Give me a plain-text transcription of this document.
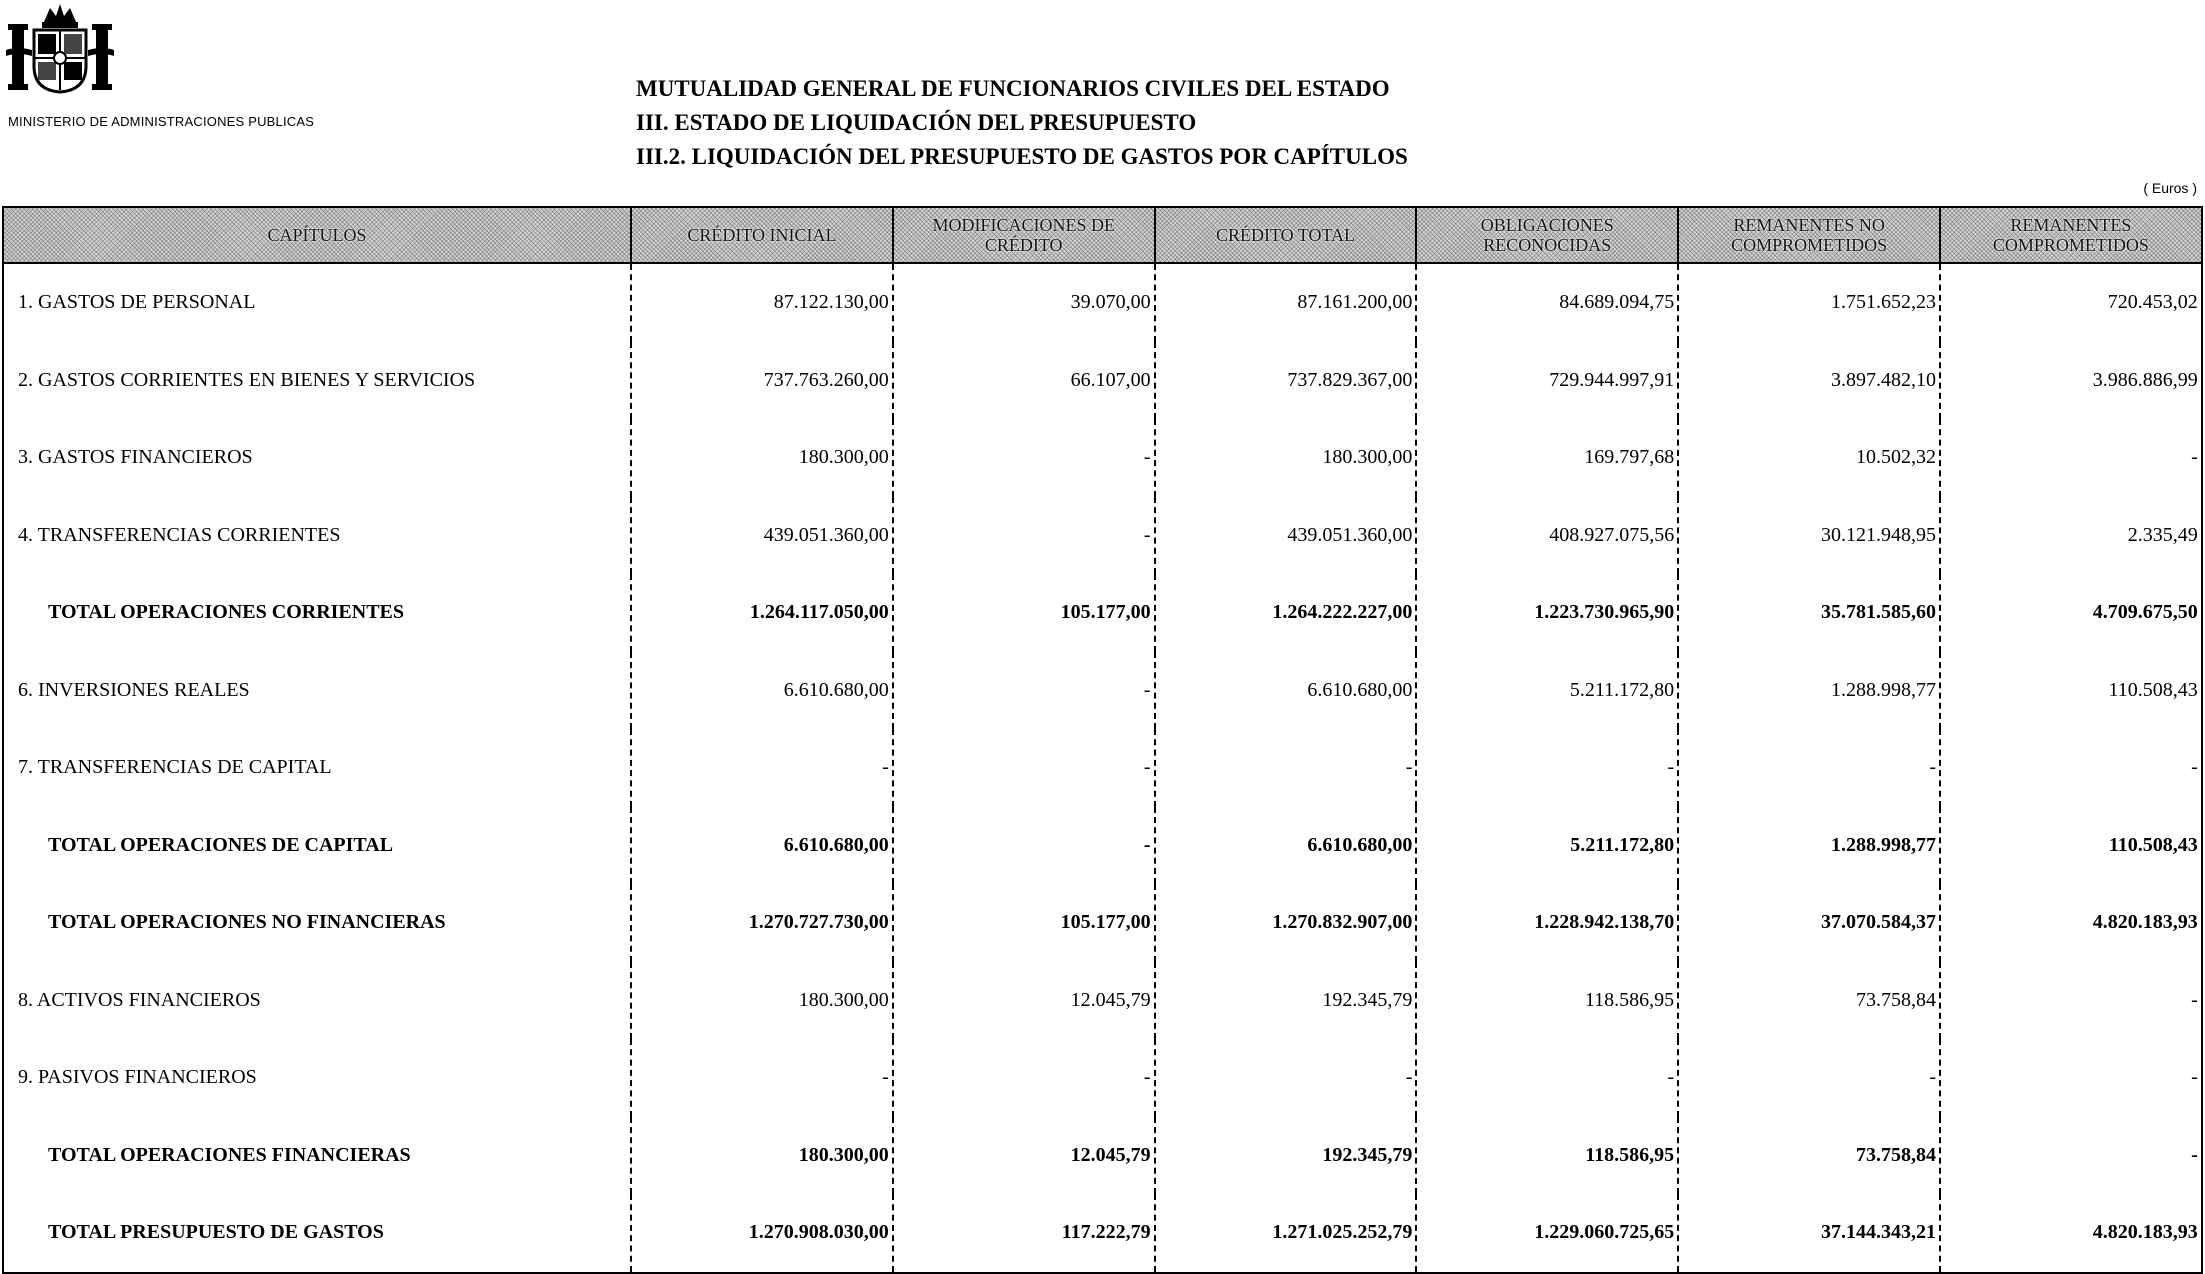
MINISTERIO DE ADMINISTRACIONES PUBLICAS
MUTUALIDAD GENERAL DE FUNCIONARIOS CIVILES DEL ESTADO
III. ESTADO DE LIQUIDACIÓN DEL PRESUPUESTO
III.2. LIQUIDACIÓN DEL PRESUPUESTO DE GASTOS POR CAPÍTULOS
( Euros )
CAPÍTULOS	CRÉDITO INICIAL	MODIFICACIONES DE CRÉDITO	CRÉDITO TOTAL	OBLIGACIONES RECONOCIDAS	REMANENTES NO COMPROMETIDOS	REMANENTES COMPROMETIDOS
1. GASTOS DE PERSONAL	87.122.130,00	39.070,00	87.161.200,00	84.689.094,75	1.751.652,23	720.453,02
2. GASTOS CORRIENTES EN BIENES Y SERVICIOS	737.763.260,00	66.107,00	737.829.367,00	729.944.997,91	3.897.482,10	3.986.886,99
3. GASTOS FINANCIEROS	180.300,00	-	180.300,00	169.797,68	10.502,32	-
4. TRANSFERENCIAS CORRIENTES	439.051.360,00	-	439.051.360,00	408.927.075,56	30.121.948,95	2.335,49
TOTAL OPERACIONES CORRIENTES	1.264.117.050,00	105.177,00	1.264.222.227,00	1.223.730.965,90	35.781.585,60	4.709.675,50
6. INVERSIONES REALES	6.610.680,00	-	6.610.680,00	5.211.172,80	1.288.998,77	110.508,43
7. TRANSFERENCIAS DE CAPITAL	-	-	-	-	-	-
TOTAL OPERACIONES DE CAPITAL	6.610.680,00	-	6.610.680,00	5.211.172,80	1.288.998,77	110.508,43
TOTAL OPERACIONES NO FINANCIERAS	1.270.727.730,00	105.177,00	1.270.832.907,00	1.228.942.138,70	37.070.584,37	4.820.183,93
8. ACTIVOS FINANCIEROS	180.300,00	12.045,79	192.345,79	118.586,95	73.758,84	-
9. PASIVOS FINANCIEROS	-	-	-	-	-	-
TOTAL OPERACIONES FINANCIERAS	180.300,00	12.045,79	192.345,79	118.586,95	73.758,84	-
TOTAL PRESUPUESTO DE GASTOS	1.270.908.030,00	117.222,79	1.271.025.252,79	1.229.060.725,65	37.144.343,21	4.820.183,93
